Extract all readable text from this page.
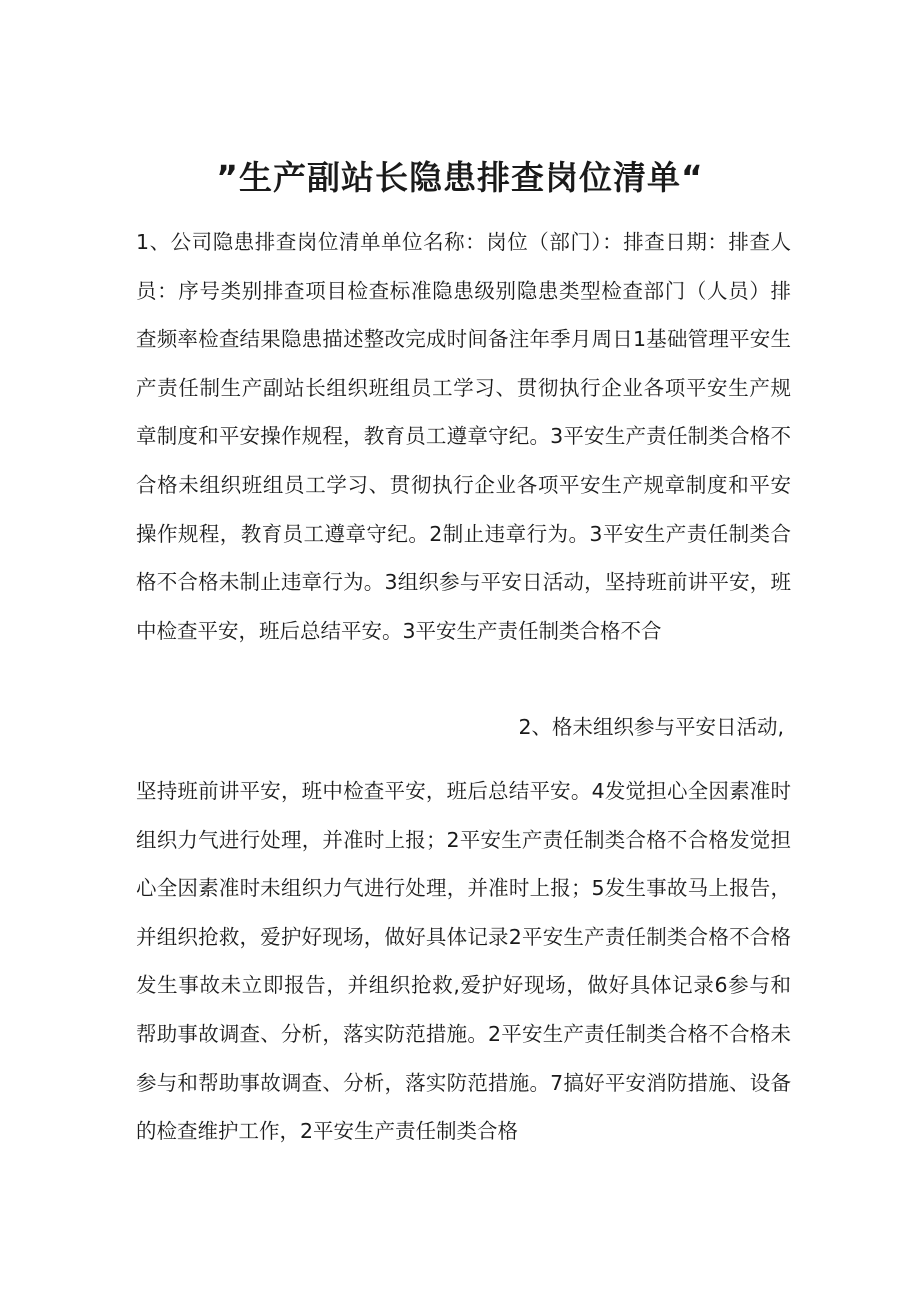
”生产副站长隐患排查岗位清单“

1、公司隐患排查岗位清单单位名称：岗位（部门）：排查日期：排查人员：序号类别排查项目检查标准隐患级别隐患类型检查部门（人员）排查频率检查结果隐患描述整改完成时间备注年季月周日1基础管理平安生产责任制生产副站长组织班组员工学习、贯彻执行企业各项平安生产规章制度和平安操作规程，教育员工遵章守纪。3平安生产责任制类合格不合格未组织班组员工学习、贯彻执行企业各项平安生产规章制度和平安操作规程，教育员工遵章守纪。2制止违章行为。3平安生产责任制类合格不合格未制止违章行为。3组织参与平安日活动，坚持班前讲平安，班中检查平安，班后总结平安。3平安生产责任制类合格不合

2、格未组织参与平安日活动,

坚持班前讲平安，班中检查平安，班后总结平安。4发觉担心全因素准时组织力气进行处理，并准时上报；2平安生产责任制类合格不合格发觉担心全因素准时未组织力气进行处理，并准时上报；5发生事故马上报告，并组织抢救，爱护好现场，做好具体记录2平安生产责任制类合格不合格发生事故未立即报告，并组织抢救,爱护好现场，做好具体记录6参与和帮助事故调查、分析，落实防范措施。2平安生产责任制类合格不合格未参与和帮助事故调查、分析，落实防范措施。7搞好平安消防措施、设备的检查维护工作，2平安生产责任制类合格
